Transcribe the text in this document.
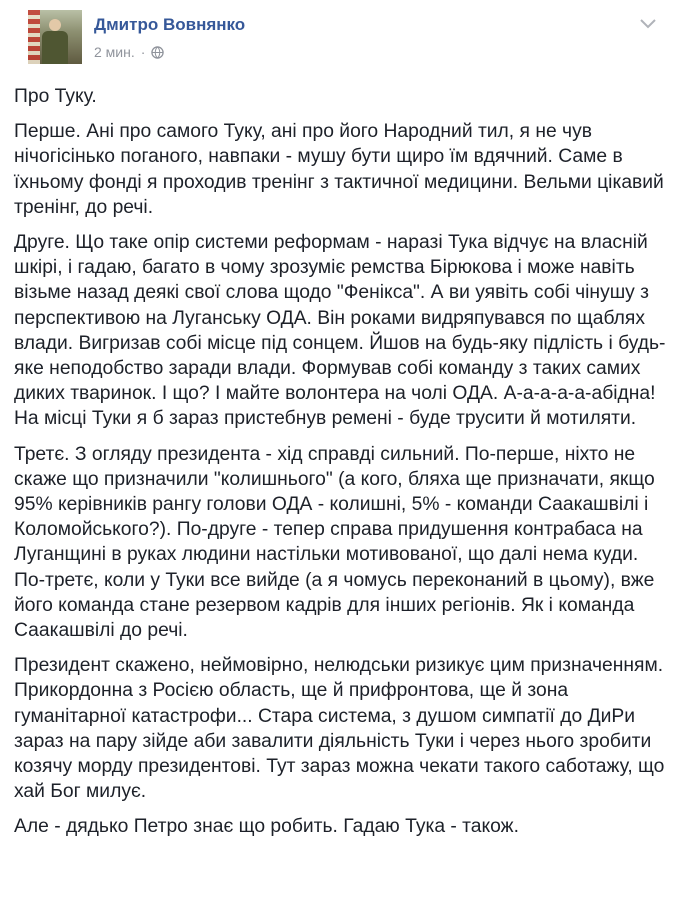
Дмитро Вовнянко
2 мин. ·

Про Туку.

Перше. Ані про самого Туку, ані про його Народний тил, я не чув нічогісінько поганого, навпаки - мушу бути щиро їм вдячний. Саме в їхньому фонді я проходив тренінг з тактичної медицини. Вельми цікавий тренінг, до речі.

Друге. Що таке опір системи реформам - наразі Тука відчує на власній шкірі, і гадаю, багато в чому зрозуміє ремства Бірюкова і може навіть візьме назад деякі свої слова щодо "Фенікса". А ви уявіть собі чінушу з перспективою на Луганську ОДА. Він роками видряпувався по щаблях влади. Вигризав собі місце під сонцем. Йшов на будь-яку підлість і будь-яке неподобство заради влади. Формував собі команду з таких самих диких тваринок. І що? І майте волонтера на чолі ОДА. А-а-а-а-а-абідна!
На місці Туки я б зараз пристебнув ремені - буде трусити й мотиляти.

Третє. З огляду президента - хід справді сильний. По-перше, ніхто не скаже що призначили "колишнього" (а кого, бляха ще призначати, якщо 95% керівників рангу голови ОДА - колишні, 5% - команди Саакашвілі і Коломойського?). По-друге - тепер справа придушення контрабаса на Луганщині в руках людини настільки мотивованої, що далі нема куди. По-третє, коли у Туки все вийде (а я чомусь переконаний в цьому), вже його команда стане резервом кадрів для інших регіонів. Як і команда Саакашвілі до речі.

Президент скажено, неймовірно, нелюдськи ризикує цим призначенням. Прикордонна з Росією область, ще й прифронтова, ще й зона гуманітарної катастрофи... Стара система, з душом симпатії до ДиРи зараз на пару зійде аби завалити діяльність Туки і через нього зробити козячу морду президентові. Тут зараз можна чекати такого саботажу, що хай Бог милує.

Але - дядько Петро знає що робить. Гадаю Тука - також.
